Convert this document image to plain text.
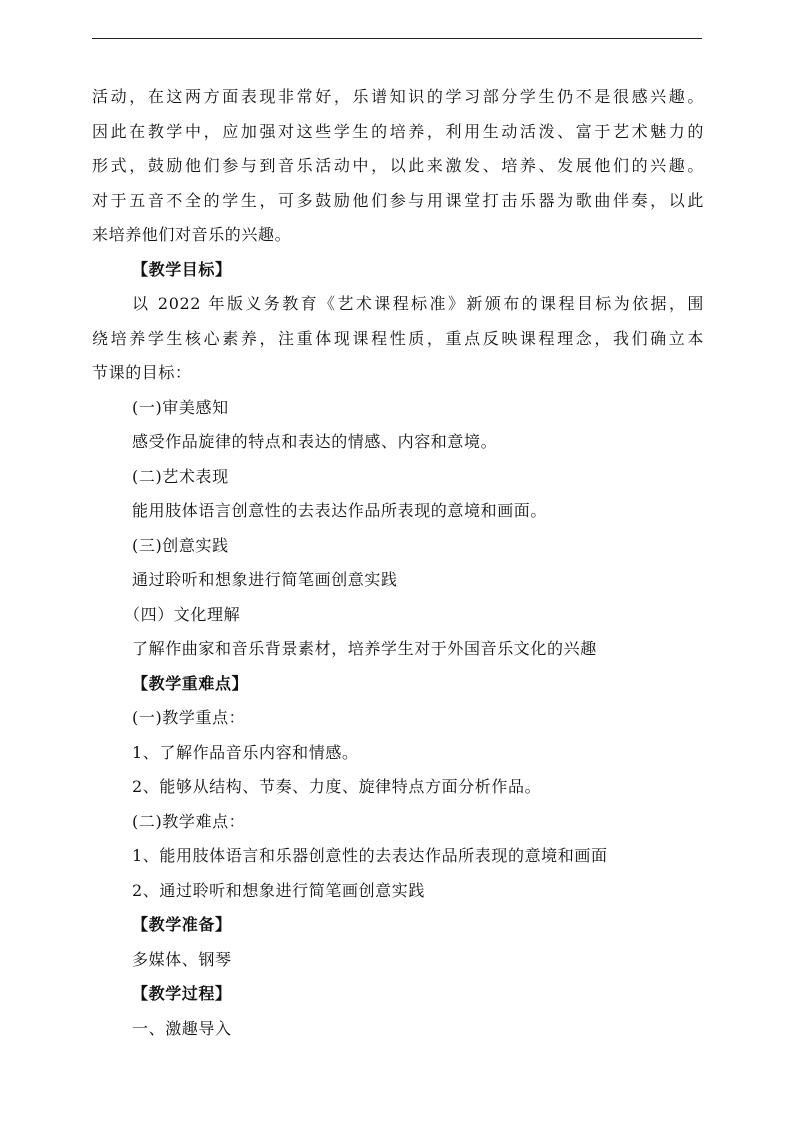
活动，在这两方面表现非常好，乐谱知识的学习部分学生仍不是很感兴趣。

因此在教学中，应加强对这些学生的培养，利用生动活泼、富于艺术魅力的

形式，鼓励他们参与到音乐活动中，以此来激发、培养、发展他们的兴趣。

对于五音不全的学生，可多鼓励他们参与用课堂打击乐器为歌曲伴奏，以此

来培养他们对音乐的兴趣。

【教学目标】

以 2022 年版义务教育《艺术课程标准》新颁布的课程目标为依据，围

绕培养学生核心素养，注重体现课程性质，重点反映课程理念，我们确立本

节课的目标：

(一)审美感知

感受作品旋律的特点和表达的情感、内容和意境。

(二)艺术表现

能用肢体语言创意性的去表达作品所表现的意境和画面。

(三)创意实践

通过聆听和想象进行简笔画创意实践

（四）文化理解

了解作曲家和音乐背景素材，培养学生对于外国音乐文化的兴趣

【教学重难点】

(一)教学重点：

1、了解作品音乐内容和情感。

2、能够从结构、节奏、力度、旋律特点方面分析作品。

(二)教学难点：

1、能用肢体语言和乐器创意性的去表达作品所表现的意境和画面

2、通过聆听和想象进行简笔画创意实践

【教学准备】

多媒体、钢琴

【教学过程】

一、激趣导入
